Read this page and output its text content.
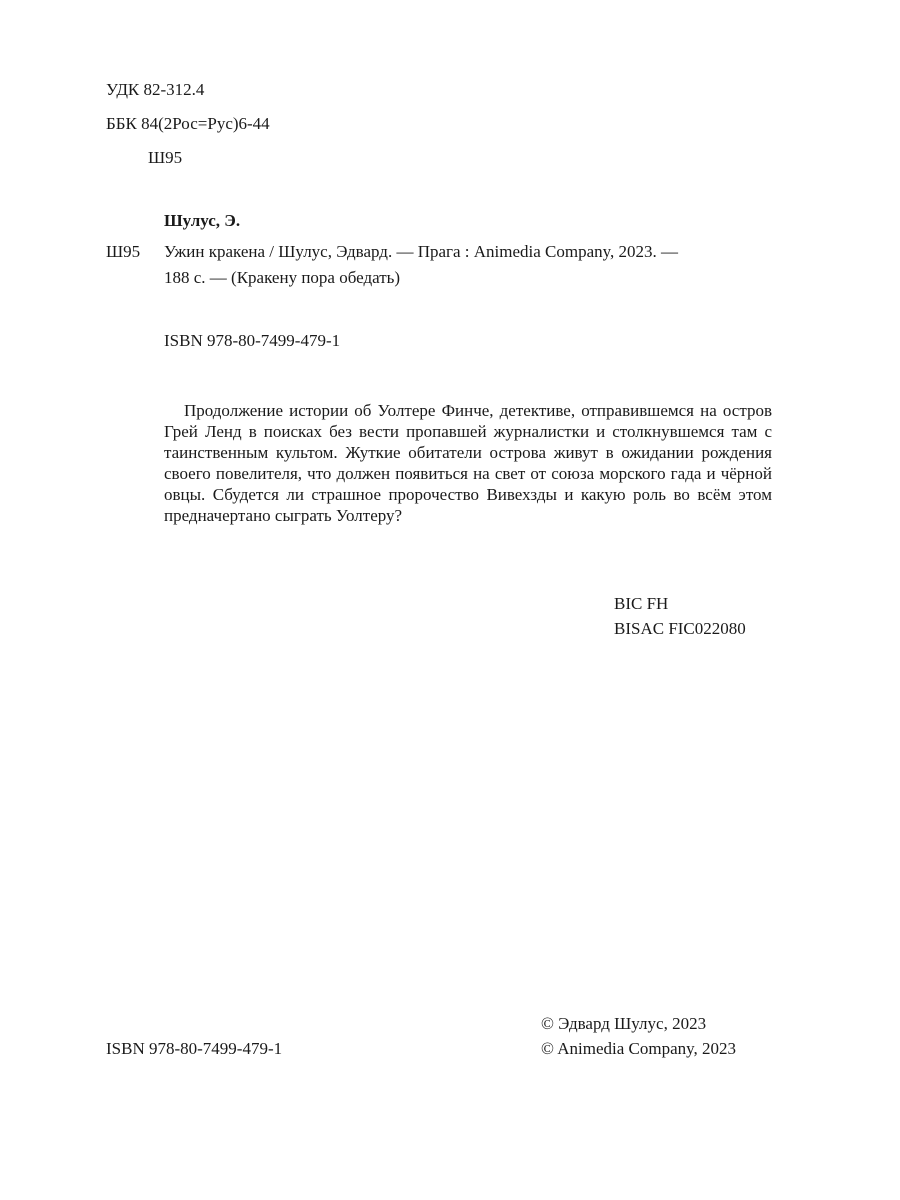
УДК 82-312.4
ББК 84(2Рос=Рус)6-44
Ш95
Шулус, Э.
Ш95 Ужин кракена / Шулус, Эдвард. — Прага : Animedia Company, 2023. —
188 с. — (Кракену пора обедать)
ISBN 978-80-7499-479-1

Продолжение истории об Уолтере Финче, детективе, отправившемся на остров Грей Ленд в поисках без вести пропавшей журналистки и столкнувшемся там с таинственным культом. Жуткие обитатели острова живут в ожидании рождения своего повелителя, что должен появиться на свет от союза морского гада и чёрной овцы. Сбудется ли страшное пророчество Вивехзды и какую роль во всём этом предначертано сыграть Уолтеру?

BIC FH
BISAC FIC022080
ISBN 978-80-7499-479-1
© Эдвард Шулус, 2023
© Animedia Company, 2023
